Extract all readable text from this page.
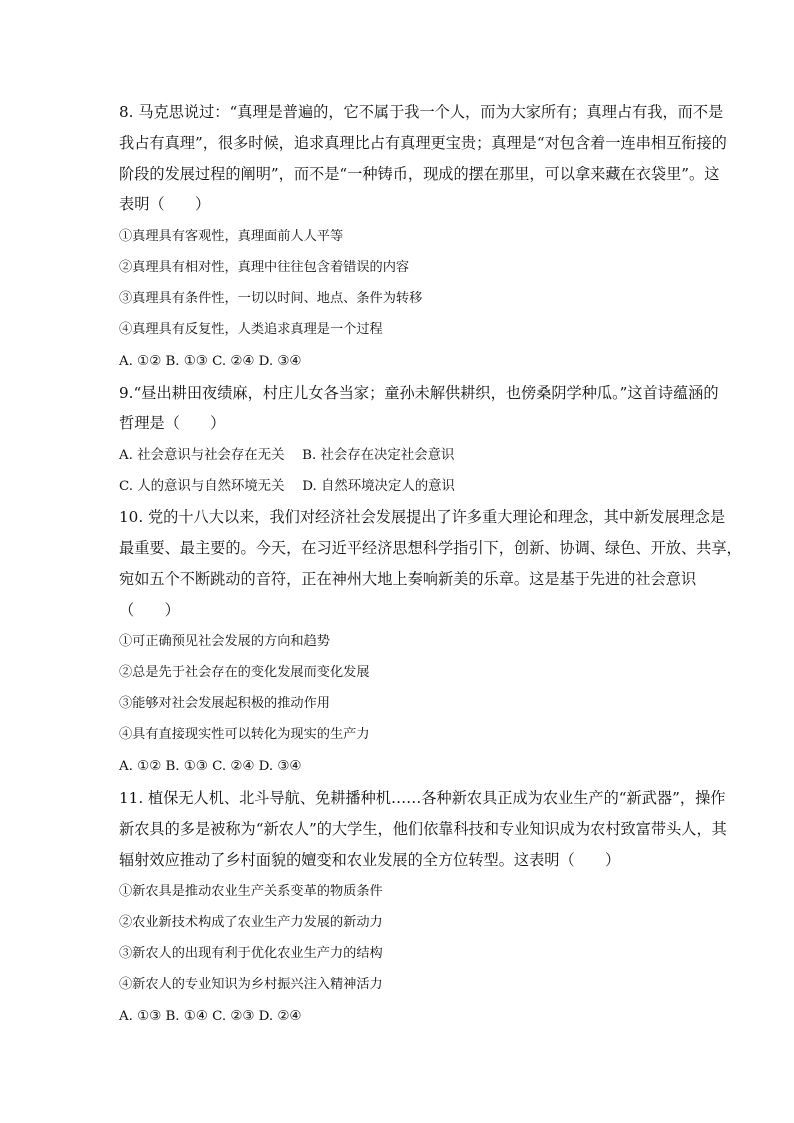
8. 马克思说过：“真理是普遍的，它不属于我一个人，而为大家所有；真理占有我，而不是
我占有真理”，很多时候，追求真理比占有真理更宝贵；真理是“对包含着一连串相互衔接的
阶段的发展过程的阐明”，而不是“一种铸币，现成的摆在那里，可以拿来藏在衣袋里”。这
表明（　　）
①真理具有客观性，真理面前人人平等
②真理具有相对性，真理中往往包含着错误的内容
③真理具有条件性，一切以时间、地点、条件为转移
④真理具有反复性，人类追求真理是一个过程
A. ①② B. ①③ C. ②④ D. ③④
9.“昼出耕田夜绩麻，村庄儿女各当家；童孙未解供耕织，也傍桑阴学种瓜。”这首诗蕴涵的
哲理是（　　）
A. 社会意识与社会存在无关　 B. 社会存在决定社会意识
C. 人的意识与自然环境无关　 D. 自然环境决定人的意识
10. 党的十八大以来，我们对经济社会发展提出了许多重大理论和理念，其中新发展理念是
最重要、最主要的。今天，在习近平经济思想科学指引下，创新、协调、绿色、开放、共享，
宛如五个不断跳动的音符，正在神州大地上奏响新美的乐章。这是基于先进的社会意识
（　　）
①可正确预见社会发展的方向和趋势
②总是先于社会存在的变化发展而变化发展
③能够对社会发展起积极的推动作用
④具有直接现实性可以转化为现实的生产力
A. ①② B. ①③ C. ②④ D. ③④
11. 植保无人机、北斗导航、免耕播种机……各种新农具正成为农业生产的“新武器”，操作
新农具的多是被称为“新农人”的大学生，他们依靠科技和专业知识成为农村致富带头人，其
辐射效应推动了乡村面貌的嬗变和农业发展的全方位转型。这表明（　　）
①新农具是推动农业生产关系变革的物质条件
②农业新技术构成了农业生产力发展的新动力
③新农人的出现有利于优化农业生产力的结构
④新农人的专业知识为乡村振兴注入精神活力
A. ①③ B. ①④ C. ②③ D. ②④
